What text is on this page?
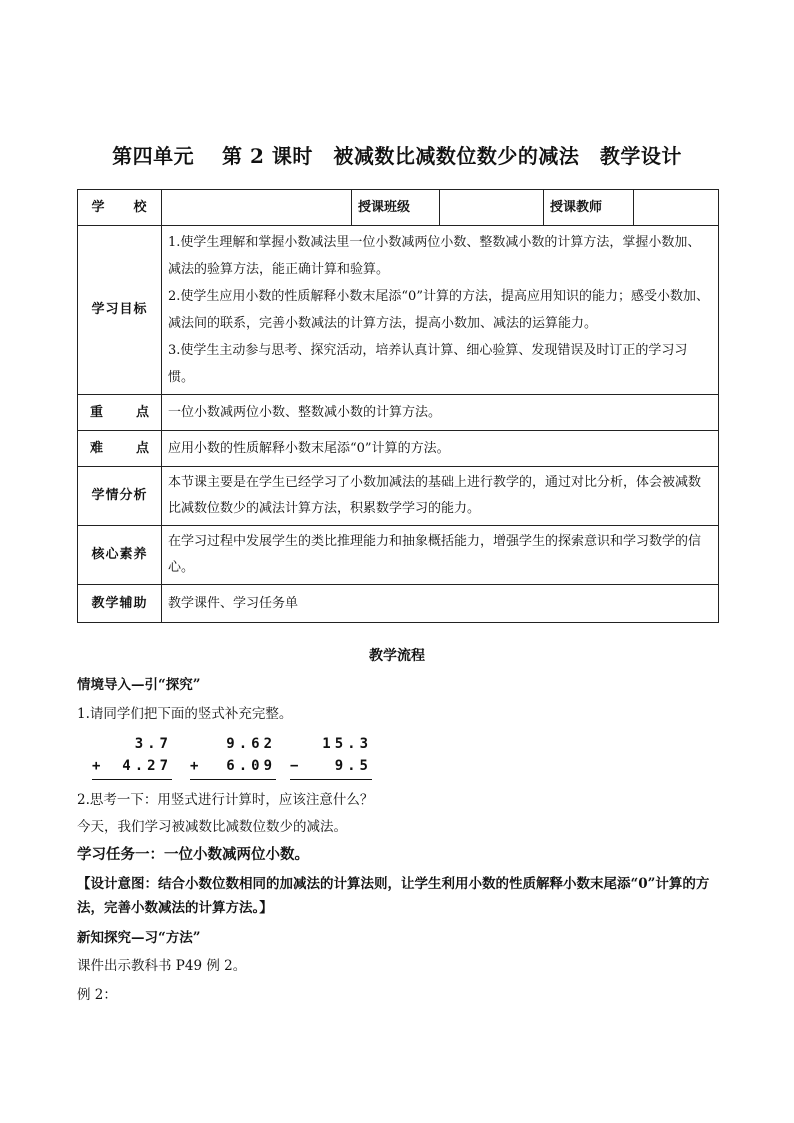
第四单元　 第 2 课时　被减数比减数位数少的减法　教学设计
学　　校		授课班级		授课教师	
学习目标	1.使学生理解和掌握小数减法里一位小数减两位小数、整数减小数的计算方法，掌握小数加、减法的验算方法，能正确计算和验算。
2.使学生应用小数的性质解释小数末尾添“0”计算的方法，提高应用知识的能力；感受小数加、减法间的联系，完善小数减法的计算方法，提高小数加、减法的运算能力。
3.使学生主动参与思考、探究活动，培养认真计算、细心验算、发现错误及时订正的学习习惯。				

重 点	一位小数减两位小数、整数减小数的计算方法。				

难 点	应用小数的性质解释小数末尾添“0”计算的方法。				
学情分析	本节课主要是在学生已经学习了小数加减法的基础上进行教学的，通过对比分析，体会被减数比减数位数少的减法计算方法，积累数学学习的能力。				
核心素养	在学习过程中发展学生的类比推理能力和抽象概括能力，增强学生的探索意识和学习数学的信心。				
教学辅助	教学课件、学习任务单				
教学流程
情境导入—引“探究”
1.请同学们把下面的竖式补充完整。
3.7
+ 4.27
9.62
+ 6.09
15.3
− 9.5
2.思考一下：用竖式进行计算时，应该注意什么？
今天，我们学习被减数比减数位数少的减法。
学习任务一：一位小数减两位小数。
【设计意图：结合小数位数相同的加减法的计算法则，让学生利用小数的性质解释小数末尾添“0”计算的方法，完善小数减法的计算方法。】
新知探究—习“方法”
课件出示教科书 P49 例 2。
例 2：
